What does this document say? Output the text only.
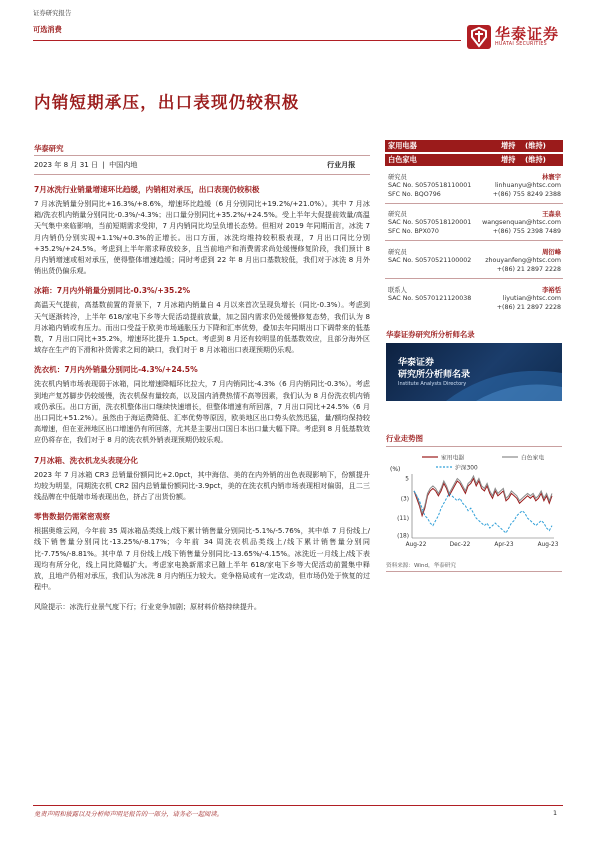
证券研究报告
可选消费	华泰证券
HUATAI SECURITIES
内销短期承压，出口表现仍较积极
华泰研究
2023 年 8 月 31 日 | 中国内地	行业月报
7月冰洗行业销量增速环比趋缓，内销相对承压，出口表现仍较积极

7 月冰洗销量分别同比+16.3%/+8.6%，增速环比趋缓（6 月分别同比+19.2%/+21.0%）。其中 7 月冰箱/洗衣机内销量分别同比-0.3%/-4.3%；出口量分别同比+35.2%/+24.5%。受上半年大促提前效量/高温天气集中来临影响，当前短期需求受抑，7 月内销同比均呈负增长态势。但相对 2019 年同期而言，冰洗 7 月内销仍分别实现+1.1%/+0.3%的正增长。出口方面，冰洗均维持较积极表现，7 月出口同比分别+35.2%/+24.5%。考虑到上半年需求释放较多，且当前地产和消费需求尚处缓慢修复阶段，我们预计 8 月内销增速或相对承压，使得整体增速趋缓；同时考虑到 22 年 8 月出口基数较低，我们对于冰洗 8 月外销出货仍偏乐观。

冰箱：7月内外销量分别同比-0.3%/+35.2%

高温天气提前，高基数前置的背景下，7 月冰箱内销量自 4 月以来首次呈现负增长（同比-0.3%）。考虑到天气逐渐转冷，上半年 618/家电下乡等大促活动提前放量，加之国内需求仍处缓慢修复态势，我们认为 8 月冰箱内销或有压力。而出口受益于欧美市场通胀压力下降和汇率优势，叠加去年同期出口下调带来的低基数，7 月出口同比+35.2%，增速环比提升 1.5pct。考虑到 8 月还有较明显的低基数效应，且部分海外区域存在生产的下滑和补货需求之间的缺口，我们对于 8 月冰箱出口表现预期仍乐观。

洗衣机：7月内外销量分别同比-4.3%/+24.5%

洗衣机内销市场表现弱于冰箱，同比增速降幅环比拉大，7 月内销同比-4.3%（6 月内销同比-0.3%）。考虑到地产复苏脚步仍较缓慢，洗衣机保有量较高，以及国内消费热情不高等因素，我们认为 8 月份洗衣机内销或仍承压。出口方面，洗衣机整体出口继续快速增长，但整体增速有所回落，7 月出口同比+24.5%（6 月出口同比+51.2%）。虽然由于海运费降低、汇率优势等原因，欧美地区出口势头依然迅猛，量/额均保持较高增速，但在亚洲地区出口增速仍有所回落，尤其是主要出口国日本出口量大幅下降。考虑到 8 月低基数效应仍将存在，我们对于 8 月的洗衣机外销表现预期仍较乐观。

7月冰箱、洗衣机龙头表现分化

2023 年 7 月冰箱 CR3 总销量份额同比+2.0pct，其中海信、美的在内外销的出色表现影响下，份额提升均较为明显，同期洗衣机 CR2 国内总销量份额同比-3.9pct，美的在洗衣机内销市场表现相对偏弱，且二三线品牌在中低端市场表现出色，挤占了出货份额。

零售数据仍需紧密观察

根据奥维云网，今年前 35 周冰箱品类线上/线下累计销售量分别同比-5.1%/-5.76%，其中单 7 月份线上/线下销售量分别同比-13.25%/-8.17%；今年前 34 周洗衣机品类线上/线下累计销售量分别同比-7.75%/-8.81%。其中单 7 月份线上/线下销售量分别同比-13.65%/-4.15%。冰洗近一月线上/线下表现均有所分化，线上同比降幅扩大。考虑家电换新需求已随上半年 618/家电下乡等大促活动前置集中释放，且地产仍相对承压，我们认为冰洗 8 月内销压力较大。竞争格局或有一定改动，但市场仍处于恢复的过程中。

风险提示：冰洗行业景气度下行；行业竞争加剧；原材料价格持续提升。

家用电器	增持 (维持)
白色家电	增持 (维持)
研究员	林寰宇
SAC No. S0570518110001	linhuanyu@htsc.com
SFC No. BQO796	+(86) 755 8249 2388
研究员	王森泉
SAC No. S0570518120001 wangsenquan@htsc.com
SFC No. BPX070	+(86) 755 2398 7489
研究员	周衍峰
SAC No. S0570521100002 zhouyanfeng@htsc.com
+(86) 21 2897 2228
联系人	李裕恬
SAC No. S0570121120038	liyutian@htsc.com
+(86) 21 2897 2228
华泰证券研究所分析师名录
华泰证券
研究所分析师名录
Institute Analysts Directory
行业走势图
(%)
家用电器	白色家电
沪深300
5
(3)
(11)
(18)
Aug-22	Dec-22	Apr-23	Aug-23
资料来源：Wind，华泰研究
免责声明和披露以及分析师声明是报告的一部分，请务必一起阅读。	1
